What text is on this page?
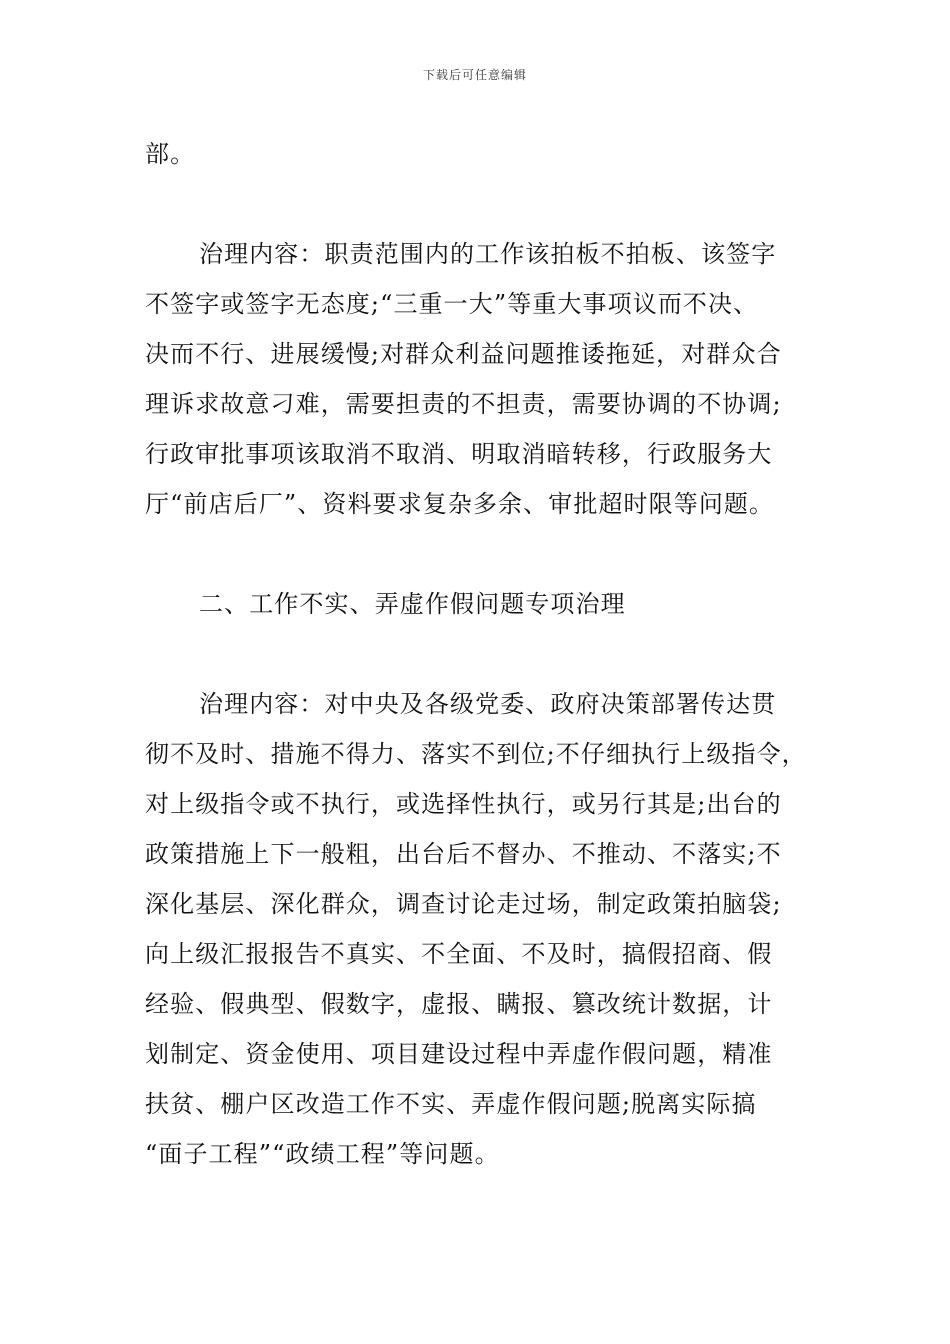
下载后可任意编辑
部。
治理内容：职责范围内的工作该拍板不拍板、该签字
不签字或签字无态度;“三重一大”等重大事项议而不决、
决而不行、进展缓慢;对群众利益问题推诿拖延，对群众合
理诉求故意刁难，需要担责的不担责，需要协调的不协调;
行政审批事项该取消不取消、明取消暗转移，行政服务大
厅“前店后厂”、资料要求复杂多余、审批超时限等问题。
二、工作不实、弄虚作假问题专项治理
治理内容：对中央及各级党委、政府决策部署传达贯
彻不及时、措施不得力、落实不到位;不仔细执行上级指令，
对上级指令或不执行，或选择性执行，或另行其是;出台的
政策措施上下一般粗，出台后不督办、不推动、不落实;不
深化基层、深化群众，调查讨论走过场，制定政策拍脑袋;
向上级汇报报告不真实、不全面、不及时，搞假招商、假
经验、假典型、假数字，虚报、瞒报、篡改统计数据，计
划制定、资金使用、项目建设过程中弄虚作假问题，精准
扶贫、棚户区改造工作不实、弄虚作假问题;脱离实际搞
“面子工程”“政绩工程”等问题。
